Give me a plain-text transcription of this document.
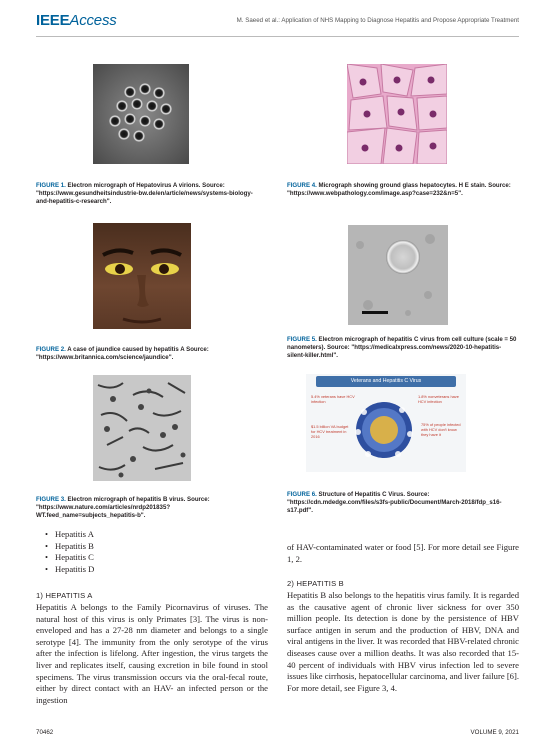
IEEEAccess	M. Saeed et al.: Application of NHS Mapping to Diagnose Hepatitis and Propose Appropriate Treatment
FIGURE 1. Electron micrograph of Hepatovirus A virions. Source: "https://www.gesundheitsindustrie-bw.de/en/article/news/systems-biology-and-hepatitis-c-research".
FIGURE 2. A case of jaundice caused by hepatitis A Source: "https://www.britannica.com/science/jaundice".
FIGURE 3. Electron micrograph of hepatitis B virus. Source: "https://www.nature.com/articles/nrdp201835?WT.feed_name=subjects_hepatitis-b".
FIGURE 4. Micrograph showing ground glass hepatocytes. H E stain. Source: "https://www.webpathology.com/image.asp?case=232&n=5".
FIGURE 5. Electron micrograph of hepatitis C virus from cell culture (scale = 50 nanometers). Source: "https://medicalxpress.com/news/2020-10-hepatitis-silent-killer.html".
Veterans and Hepatitis C Virus
5.4% veterans have HCV infection
1.8% nonveterans have HCV infection
$1.5 billion VA budget for HCV treatment in 2016
75% of people infected with HCV don't know they have it
FIGURE 6. Structure of Hepatitis C Virus. Source: "https://cdn.mdedge.com/files/s3fs-public/Document/March-2018/fdp_s16-s17.pdf".
• Hepatitis A
• Hepatitis B
• Hepatitis C
• Hepatitis D
1) HEPATITIS A
Hepatitis A belongs to the Family Picornavirus of viruses. The natural host of this virus is only Primates [3]. The virus is non-enveloped and has a 27-28 nm diameter and belongs to a single serotype [4]. The immunity from the only serotype of the virus after the infection is lifelong. After ingestion, the virus targets the liver and replicates itself, causing excretion in bile found in stool specimens. The virus transmission occurs via the oral-fecal route, either by direct contact with an HAV- an infected person or the ingestion
of HAV-contaminated water or food [5]. For more detail see Figure 1, 2.
2) HEPATITIS B
Hepatitis B also belongs to the hepatitis virus family. It is regarded as the causative agent of chronic liver sickness for over 350 million people. Its detection is done by the persistence of HBV surface antigen in serum and the production of HBV, DNA and viral antigens in the liver. It was recorded that HBV-related chronic diseases cause over a million deaths. It was also recorded that 15-40 percent of individuals with HBV virus infection led to severe issues like cirrhosis, hepatocellular carcinoma, and liver failure [6]. For more detail, see Figure 3, 4.
70462	VOLUME 9, 2021
